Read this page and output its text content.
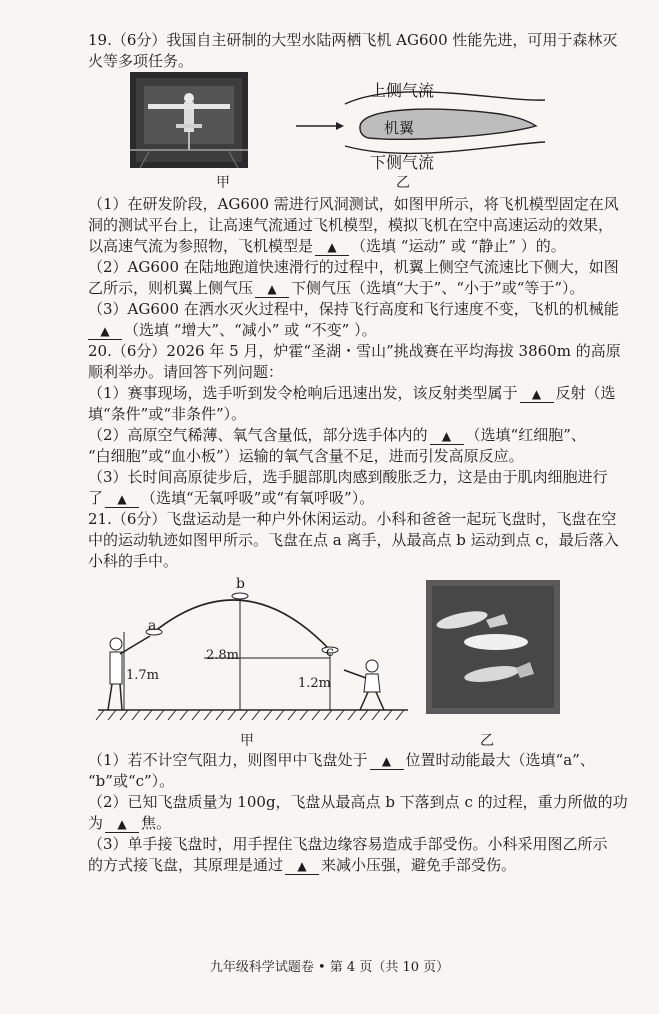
19.（6分）我国自主研制的大型水陆两栖飞机 AG600 性能先进，可用于森林灭
火等多项任务。
甲
上侧气流
机翼
下侧气流
乙
（1）在研发阶段，AG600 需进行风洞测试，如图甲所示，将飞机模型固定在风
洞的测试平台上，让高速气流通过飞机模型，模拟飞机在空中高速运动的效果，
以高速气流为参照物，飞机模型是 ▲ （选填 “运动” 或 “静止” ）的。
（2）AG600 在陆地跑道快速滑行的过程中，机翼上侧空气流速比下侧大，如图
乙所示，则机翼上侧气压 ▲ 下侧气压（选填“大于”、“小于”或“等于”）。
（3）AG600 在洒水灭火过程中，保持飞行高度和飞行速度不变，飞机的机械能
▲ （选填 “增大”、“减小” 或 “不变” ）。
20.（6分）2026 年 5 月，炉霍“圣湖・雪山”挑战赛在平均海拔 3860m 的高原
顺利举办。请回答下列问题：
（1）赛事现场，选手听到发令枪响后迅速出发，该反射类型属于 ▲ 反射（选
填“条件”或“非条件”）。
（2）高原空气稀薄、氧气含量低，部分选手体内的 ▲ （选填“红细胞”、
“白细胞”或“血小板”）运输的氧气含量不足，进而引发高原反应。
（3）长时间高原徒步后，选手腿部肌肉感到酸胀乏力，这是由于肌肉细胞进行
了 ▲ （选填“无氧呼吸”或“有氧呼吸”）。
21.（6分）飞盘运动是一种户外休闲运动。小科和爸爸一起玩飞盘时，飞盘在空
中的运动轨迹如图甲所示。飞盘在点 a 离手，从最高点 b 运动到点 c，最后落入
小科的手中。
a
b
c
1.7m
2.8m
1.2m
甲	乙
（1）若不计空气阻力，则图甲中飞盘处于 ▲ 位置时动能最大（选填“a”、
“b”或“c”）。
（2）已知飞盘质量为 100g，飞盘从最高点 b 下落到点 c 的过程，重力所做的功
为 ▲ 焦。
（3）单手接飞盘时，用手捏住飞盘边缘容易造成手部受伤。小科采用图乙所示
的方式接飞盘，其原理是通过 ▲ 来减小压强，避免手部受伤。
九年级科学试题卷 • 第 4 页（共 10 页）
